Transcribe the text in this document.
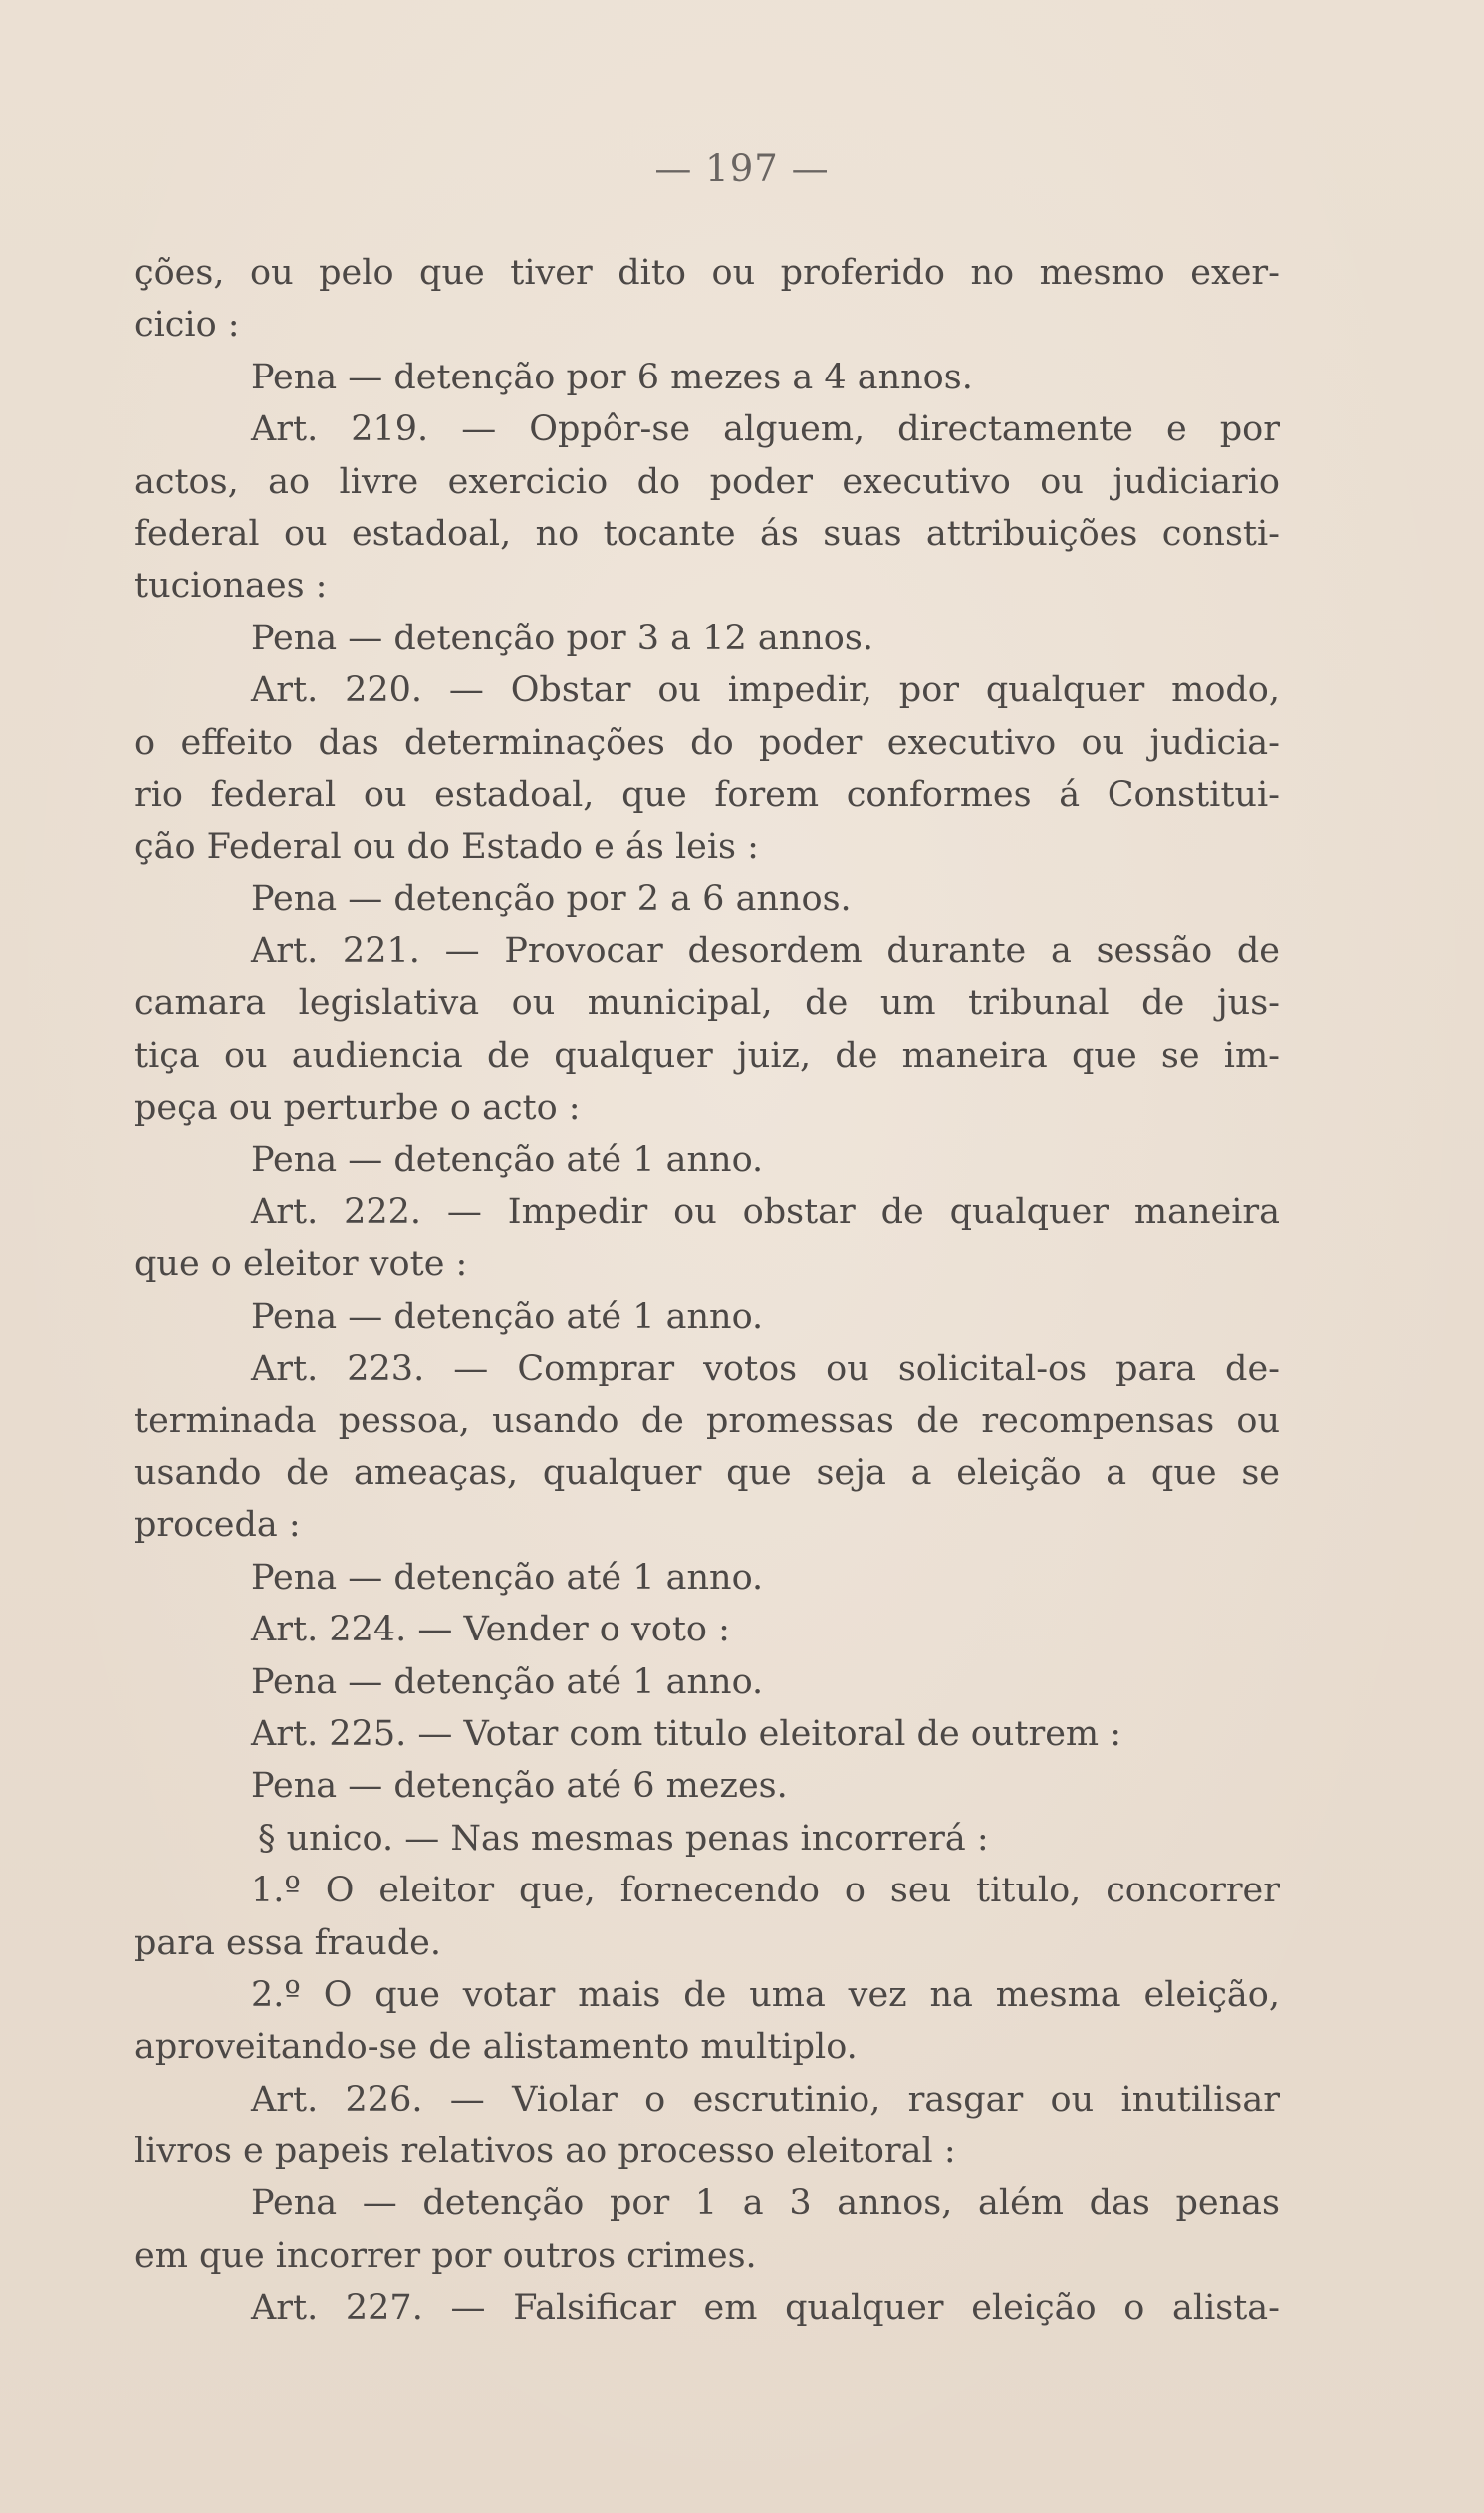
— 197 —
ções, ou pelo que tiver dito ou proferido no mesmo exer-
cicio :
Pena — detenção por 6 mezes a 4 annos.
Art. 219. — Oppôr-se alguem, directamente e por
actos, ao livre exercicio do poder executivo ou judiciario
federal ou estadoal, no tocante ás suas attribuições consti-
tucionaes :
Pena — detenção por 3 a 12 annos.
Art. 220. — Obstar ou impedir, por qualquer modo,
o effeito das determinações do poder executivo ou judicia-
rio federal ou estadoal, que forem conformes á Constitui-
ção Federal ou do Estado e ás leis :
Pena — detenção por 2 a 6 annos.
Art. 221. — Provocar desordem durante a sessão de
camara legislativa ou municipal, de um tribunal de jus-
tiça ou audiencia de qualquer juiz, de maneira que se im-
peça ou perturbe o acto :
Pena — detenção até 1 anno.
Art. 222. — Impedir ou obstar de qualquer maneira
que o eleitor vote :
Pena — detenção até 1 anno.
Art. 223. — Comprar votos ou solicital-os para de-
terminada pessoa, usando de promessas de recompensas ou
usando de ameaças, qualquer que seja a eleição a que se
proceda :
Pena — detenção até 1 anno.
Art. 224. — Vender o voto :
Pena — detenção até 1 anno.
Art. 225. — Votar com titulo eleitoral de outrem :
Pena — detenção até 6 mezes.
§ unico. — Nas mesmas penas incorrerá :
1.º O eleitor que, fornecendo o seu titulo, concorrer
para essa fraude.
2.º O que votar mais de uma vez na mesma eleição,
aproveitando-se de alistamento multiplo.
Art. 226. — Violar o escrutinio, rasgar ou inutilisar
livros e papeis relativos ao processo eleitoral :
Pena — detenção por 1 a 3 annos, além das penas
em que incorrer por outros crimes.
Art. 227. — Falsificar em qualquer eleição o alista-
